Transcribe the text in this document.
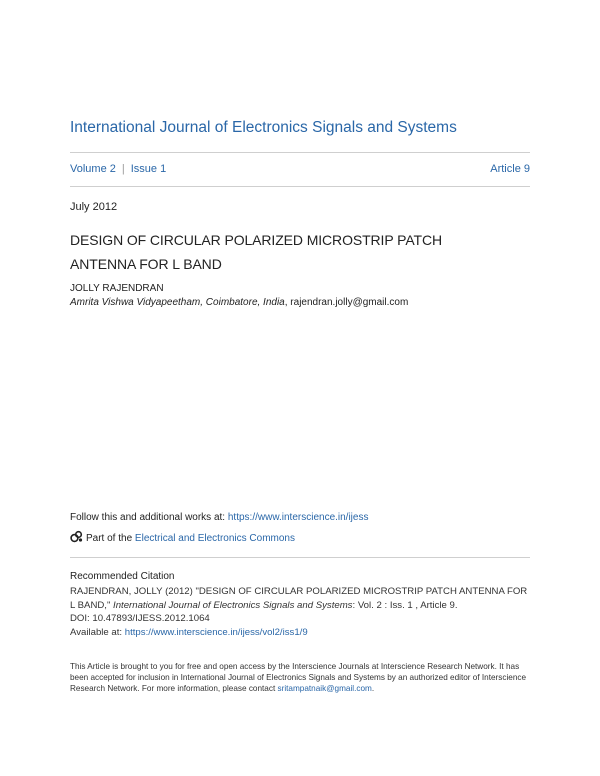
International Journal of Electronics Signals and Systems
Volume 2 | Issue 1	Article 9
July 2012
DESIGN OF CIRCULAR POLARIZED MICROSTRIP PATCH ANTENNA FOR L BAND
JOLLY RAJENDRAN
Amrita Vishwa Vidyapeetham, Coimbatore, India, rajendran.jolly@gmail.com
Follow this and additional works at: https://www.interscience.in/ijess
Part of the Electrical and Electronics Commons
Recommended Citation
RAJENDRAN, JOLLY (2012) "DESIGN OF CIRCULAR POLARIZED MICROSTRIP PATCH ANTENNA FOR L BAND," International Journal of Electronics Signals and Systems: Vol. 2 : Iss. 1 , Article 9.
DOI: 10.47893/IJESS.2012.1064
Available at: https://www.interscience.in/ijess/vol2/iss1/9
This Article is brought to you for free and open access by the Interscience Journals at Interscience Research Network. It has been accepted for inclusion in International Journal of Electronics Signals and Systems by an authorized editor of Interscience Research Network. For more information, please contact sritampatnaik@gmail.com.
